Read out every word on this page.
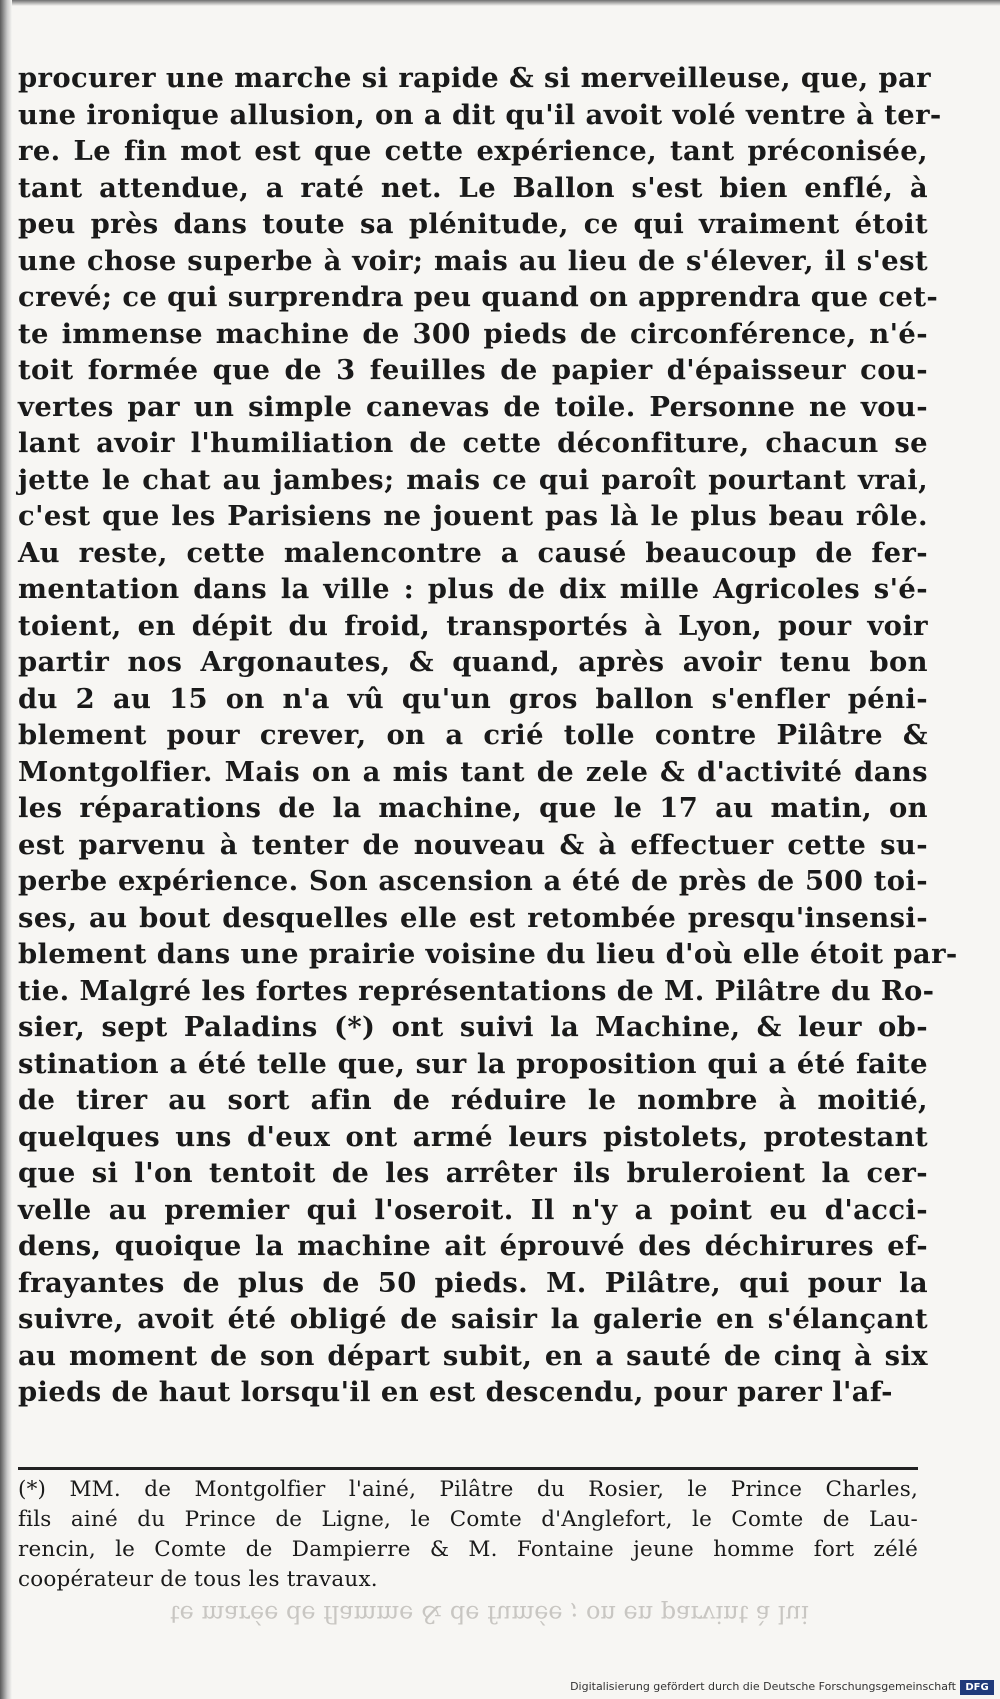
procurer une marche si rapide & si merveilleuse, que, par
une ironique allusion, on a dit qu'il avoit volé ventre à ter-
re. Le fin mot est que cette expérience, tant préconisée,
tant attendue, a raté net. Le Ballon s'est bien enflé, à
peu près dans toute sa plénitude, ce qui vraiment étoit
une chose superbe à voir; mais au lieu de s'élever, il s'est
crevé; ce qui surprendra peu quand on apprendra que cet-
te immense machine de 300 pieds de circonférence, n'é-
toit formée que de 3 feuilles de papier d'épaisseur cou-
vertes par un simple canevas de toile. Personne ne vou-
lant avoir l'humiliation de cette déconfiture, chacun se
jette le chat au jambes; mais ce qui paroît pourtant vrai,
c'est que les Parisiens ne jouent pas là le plus beau rôle.
Au reste, cette malencontre a causé beaucoup de fer-
mentation dans la ville : plus de dix mille Agricoles s'é-
toient, en dépit du froid, transportés à Lyon, pour voir
partir nos Argonautes, & quand, après avoir tenu bon
du 2 au 15 on n'a vû qu'un gros ballon s'enfler péni-
blement pour crever, on a crié tolle contre Pilâtre &
Montgolfier. Mais on a mis tant de zele & d'activité dans
les réparations de la machine, que le 17 au matin, on
est parvenu à tenter de nouveau & à effectuer cette su-
perbe expérience. Son ascension a été de près de 500 toi-
ses, au bout desquelles elle est retombée presqu'insensi-
blement dans une prairie voisine du lieu d'où elle étoit par-
tie. Malgré les fortes représentations de M. Pilâtre du Ro-
sier, sept Paladins (*) ont suivi la Machine, & leur ob-
stination a été telle que, sur la proposition qui a été faite
de tirer au sort afin de réduire le nombre à moitié,
quelques uns d'eux ont armé leurs pistolets, protestant
que si l'on tentoit de les arrêter ils bruleroient la cer-
velle au premier qui l'oseroit. Il n'y a point eu d'acci-
dens, quoique la machine ait éprouvé des déchirures ef-
frayantes de plus de 50 pieds. M. Pilâtre, qui pour la
suivre, avoit été obligé de saisir la galerie en s'élançant
au moment de son départ subit, en a sauté de cinq à six
pieds de haut lorsqu'il en est descendu, pour parer l'af-
(*) MM. de Montgolfier l'ainé, Pilâtre du Rosier, le Prince Charles,
fils ainé du Prince de Ligne, le Comte d'Anglefort, le Comte de Lau-
rencin, le Comte de Dampierre & M. Fontaine jeune homme fort zélé
coopérateur de tous les travaux.
te marée de flamme & de fumée ; on en parvint à lui
Digitalisierung gefördert durch die Deutsche Forschungsgemeinschaft DFG
